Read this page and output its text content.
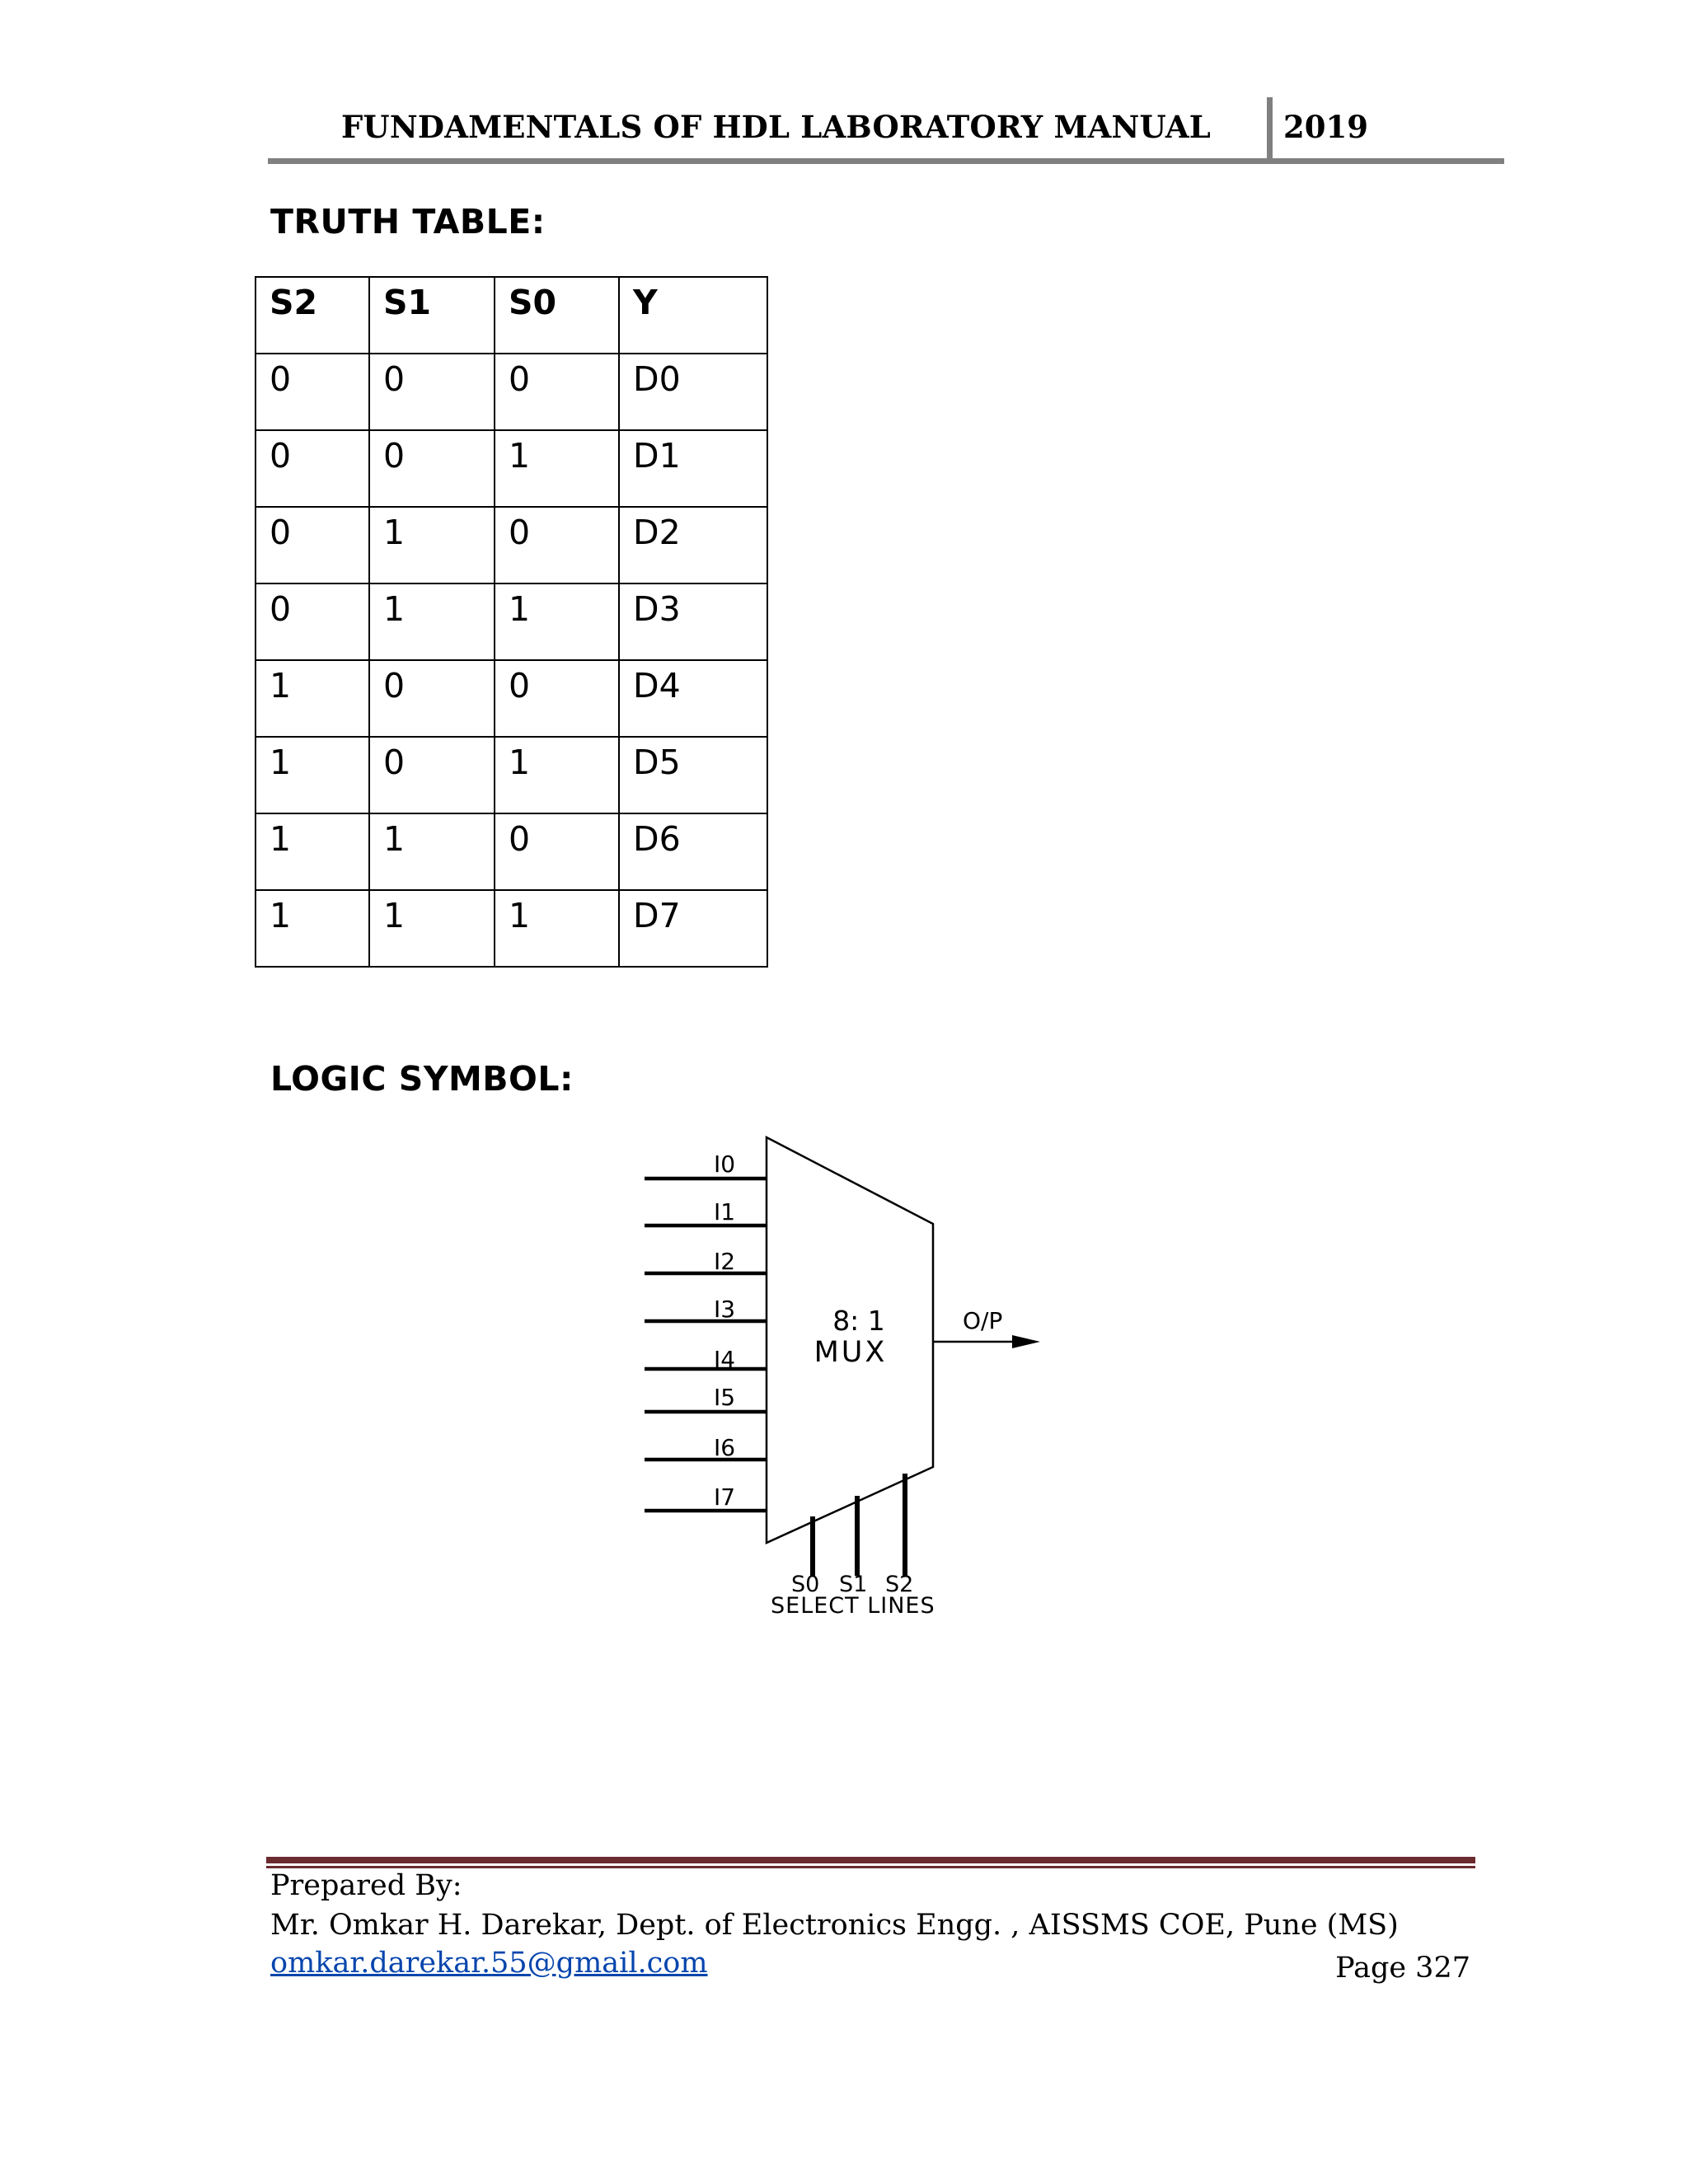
FUNDAMENTALS OF HDL LABORATORY MANUAL 2019
TRUTH TABLE:
S2	S1	S0	Y
0	0	0	D0
0	0	1	D1
0	1	0	D2
0	1	1	D3
1	0	0	D4
1	0	1	D5
1	1	0	D6
1	1	1	D7
LOGIC SYMBOL:
I0
I1
I2
I3
I4
I5
I6
I7
8: 1
MUX
O/P
S0 S1 S2
SELECT LINES
Prepared By:
Mr. Omkar H. Darekar, Dept. of Electronics Engg. , AISSMS COE, Pune (MS)
omkar.darekar.55@gmail.com	Page 327
